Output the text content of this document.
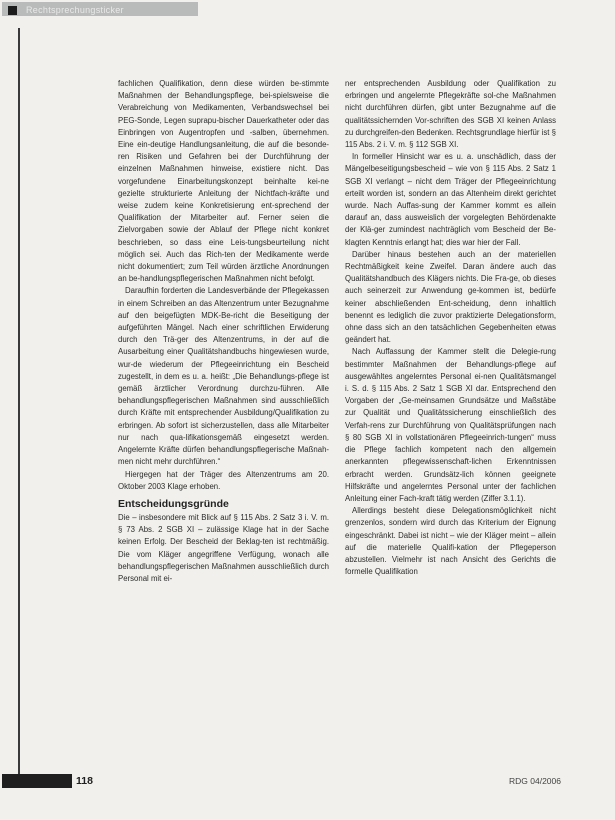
Rechtsprechungsticker

fachlichen Qualifikation, denn diese würden be-stimmte Maßnahmen der Behandlungspflege, bei-spielsweise die Verabreichung von Medikamenten, Verbandswechsel bei PEG-Sonde, Legen suprapu-bischer Dauerkatheter oder das Einbringen von Augentropfen und -salben, übernehmen. Eine ein-deutige Handlungsanleitung, die auf die besonde-ren Risiken und Gefahren bei der Durchführung der einzelnen Maßnahmen hinweise, existiere nicht. Das vorgefundene Einarbeitungskonzept beinhalte kei-ne gezielte strukturierte Anleitung der Nichtfach-kräfte und weise zudem keine Konkretisierung ent-sprechend der Qualifikation der Mitarbeiter auf. Ferner seien die Zielvorgaben sowie der Ablauf der Pflege nicht konkret beschrieben, so dass eine Leis-tungsbeurteilung nicht möglich sei. Auch das Rich-ten der Medikamente werde nicht dokumentiert; zum Teil würden ärztliche Anordnungen an be-handlungspflegerischen Maßnahmen nicht befolgt.

Daraufhin forderten die Landesverbände der Pflegekassen in einem Schreiben an das Altenzentrum unter Bezugnahme auf den beigefügten MDK-Be-richt die Beseitigung der aufgeführten Mängel. Nach einer schriftlichen Erwiderung durch den Trä-ger des Altenzentrums, in der auf die Ausarbeitung einer Qualitätshandbuchs hingewiesen wurde, wur-de wiederum der Pflegeeinrichtung ein Bescheid zugestellt, in dem es u. a. heißt: „Die Behandlungs-pflege ist gemäß ärztlicher Verordnung durchzu-führen. Alle behandlungspflegerischen Maßnahmen sind ausschließlich durch Kräfte mit entsprechender Ausbildung/Qualifikation zu erbringen. Ab sofort ist sicherzustellen, dass alle Mitarbeiter nur nach qua-lifikationsgemäß eingesetzt werden. Angelernte Kräfte dürfen behandlungspflegerische Maßnah-men nicht mehr durchführen.“

Hiergegen hat der Träger des Altenzentrums am 20. Oktober 2003 Klage erhoben.

Entscheidungsgründe

Die – insbesondere mit Blick auf § 115 Abs. 2 Satz 3 i. V. m. § 73 Abs. 2 SGB XI – zulässige Klage hat in der Sache keinen Erfolg. Der Bescheid der Beklag-ten ist rechtmäßig. Die vom Kläger angegriffene Verfügung, wonach alle behandlungspflegerischen Maßnahmen ausschließlich durch Personal mit ei-

ner entsprechenden Ausbildung oder Qualifikation zu erbringen und angelernte Pflegekräfte sol-che Maßnahmen nicht durchführen dürfen, gibt unter Bezugnahme auf die qualitätssichernden Vor-schriften des SGB XI keinen Anlass zu durchgreifen-den Bedenken. Rechtsgrundlage hierfür ist § 115 Abs. 2 i. V. m. § 112 SGB XI.

In formeller Hinsicht war es u. a. unschädlich, dass der Mängelbeseitigungsbescheid – wie von § 115 Abs. 2 Satz 1 SGB XI verlangt – nicht dem Träger der Pflegeeinrichtung erteilt worden ist, sondern an das Altenheim direkt gerichtet wurde. Nach Auffas-sung der Kammer kommt es allein darauf an, dass ausweislich der vorgelegten Behördenakte der Klä-ger zumindest nachträglich vom Bescheid der Be-klagten Kenntnis erlangt hat; dies war hier der Fall.

Darüber hinaus bestehen auch an der materiellen Rechtmäßigkeit keine Zweifel. Daran ändere auch das Qualitätshandbuch des Klägers nichts. Die Fra-ge, ob dieses auch seinerzeit zur Anwendung ge-kommen ist, bedürfe keiner abschließenden Ent-scheidung, denn inhaltlich benennt es lediglich die zuvor praktizierte Delegationsform, ohne dass sich an den tatsächlichen Gegebenheiten etwas geändert hat.

Nach Auffassung der Kammer stellt die Delegie-rung bestimmter Maßnahmen der Behandlungs-pflege auf ausgewähltes angelerntes Personal ei-nen Qualitätsmangel i. S. d. § 115 Abs. 2 Satz 1 SGB XI dar. Entsprechend den Vorgaben der „Ge-meinsamen Grundsätze und Maßstäbe zur Qualität und Qualitätssicherung einschließlich des Verfah-rens zur Durchführung von Qualitätsprüfungen nach § 80 SGB XI in vollstationären Pflegeeinrich-tungen“ muss die Pflege fachlich kompetent nach den allgemein anerkannten pflegewissenschaft-lichen Erkenntnissen erbracht werden. Grundsätz-lich können geeignete Hilfskräfte und angelerntes Personal unter der fachlichen Anleitung einer Fach-kraft tätig werden (Ziffer 3.1.1).

Allerdings besteht diese Delegationsmöglichkeit nicht grenzenlos, sondern wird durch das Kriterium der Eignung eingeschränkt. Dabei ist nicht – wie der Kläger meint – allein auf die materielle Qualifi-kation der Pflegeperson abzustellen. Vielmehr ist nach Ansicht des Gerichts die formelle Qualifikation

118	RDG 04/2006
